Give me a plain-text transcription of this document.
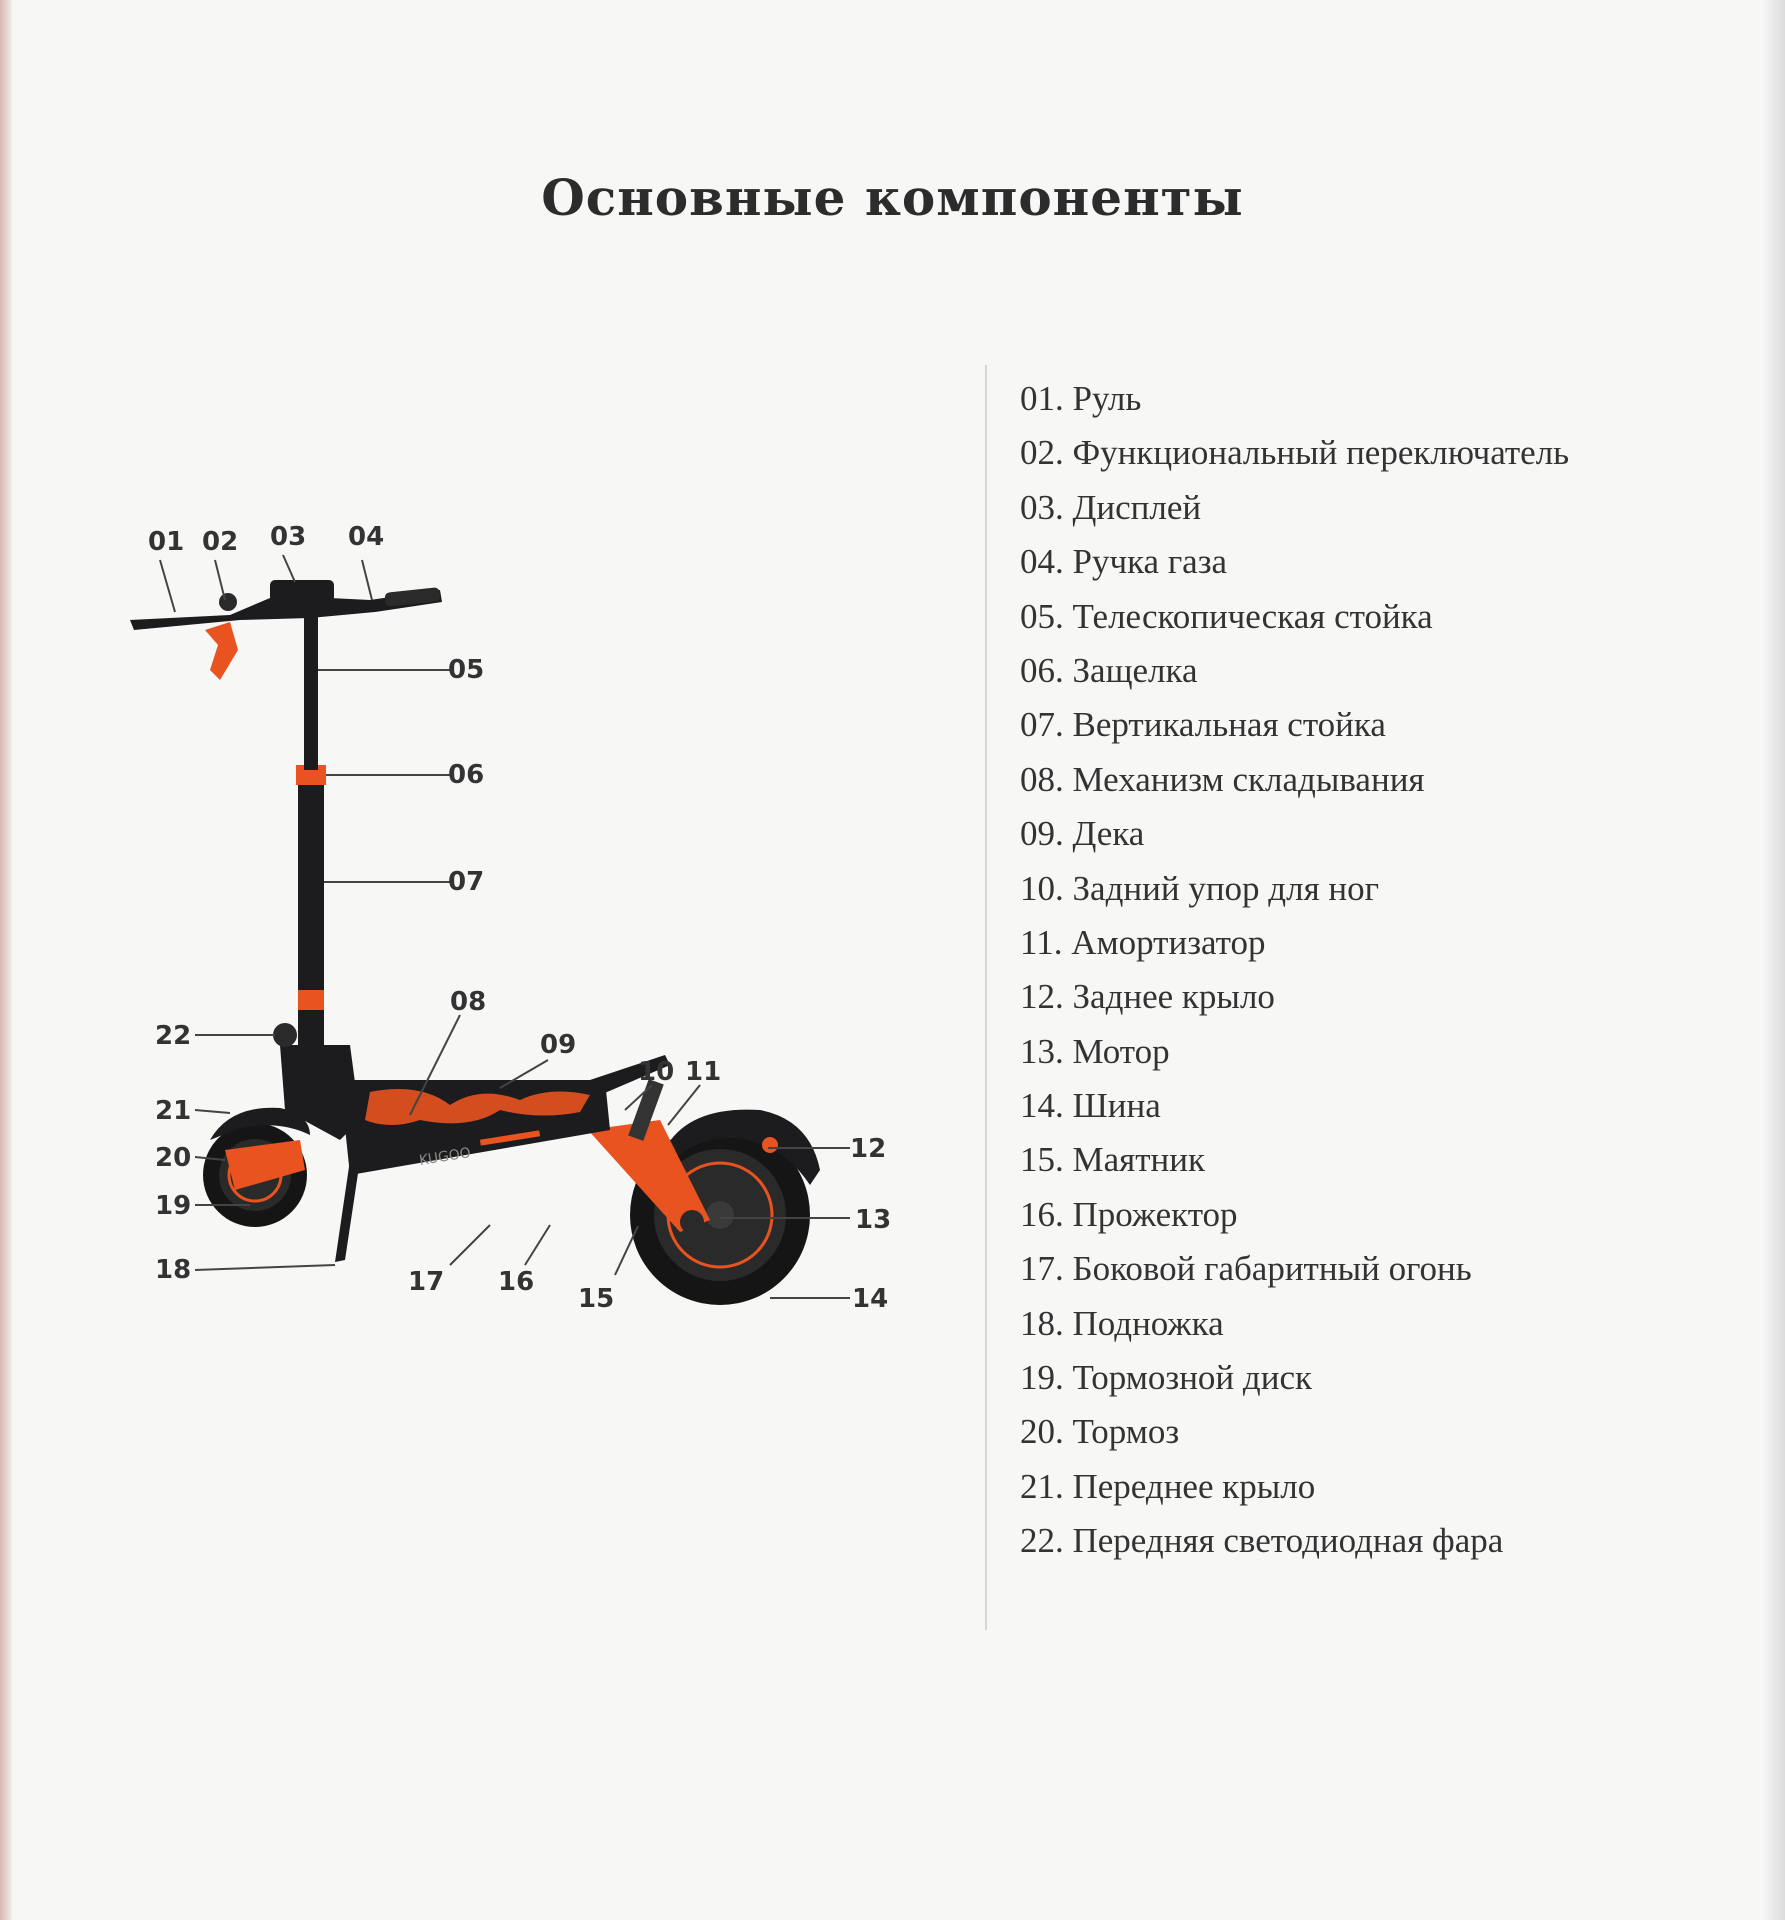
Основные компоненты
KUGOO
01 02 03 04
05
06
07
08
09
10 11
12
13
14
15
16
17
18
19
20
21
22
01. Руль
02. Функциональный переключатель
03. Дисплей
04. Ручка газа
05. Телескопическая стойка
06. Защелка
07. Вертикальная стойка
08. Механизм складывания
09. Дека
10. Задний упор для ног
11. Амортизатор
12. Заднее крыло
13. Мотор
14. Шина
15. Маятник
16. Прожектор
17. Боковой габаритный огонь
18. Подножка
19. Тормозной диск
20. Тормоз
21. Переднее крыло
22. Передняя светодиодная фара
